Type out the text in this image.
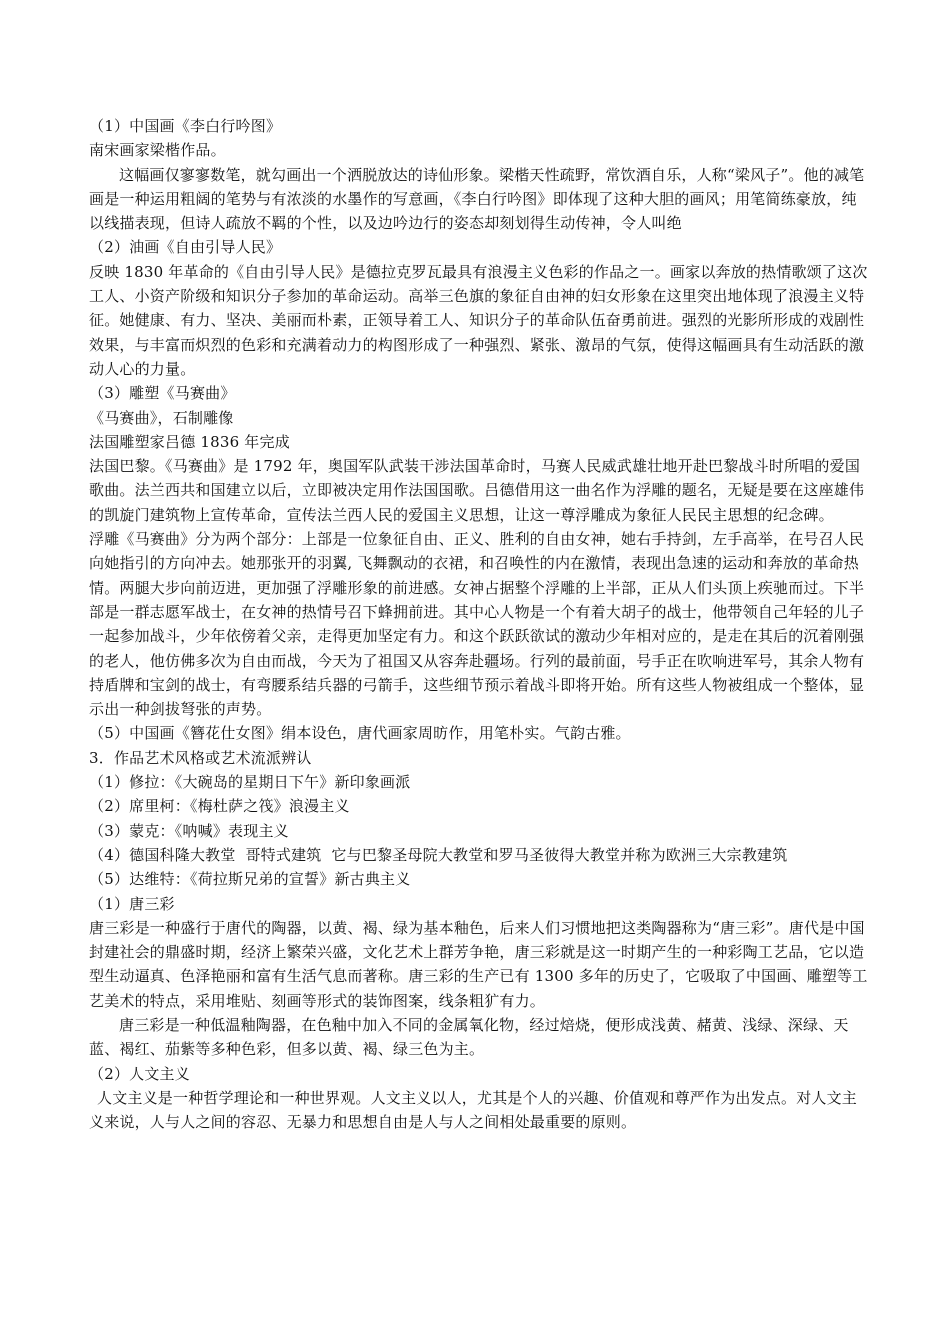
（1）中国画《李白行吟图》

南宋画家梁楷作品。

这幅画仅寥寥数笔，就勾画出一个洒脱放达的诗仙形象。梁楷天性疏野，常饮酒自乐，人称“梁风子”。他的减笔画是一种运用粗阔的笔势与有浓淡的水墨作的写意画，《李白行吟图》即体现了这种大胆的画风；用笔简练豪放，纯以线描表现，但诗人疏放不羁的个性，以及边吟边行的姿态却刻划得生动传神，令人叫绝

（2）油画《自由引导人民》

反映 1830 年革命的《自由引导人民》是德拉克罗瓦最具有浪漫主义色彩的作品之一。画家以奔放的热情歌颂了这次工人、小资产阶级和知识分子参加的革命运动。高举三色旗的象征自由神的妇女形象在这里突出地体现了浪漫主义特征。她健康、有力、坚决、美丽而朴素，正领导着工人、知识分子的革命队伍奋勇前进。强烈的光影所形成的戏剧性效果，与丰富而炽烈的色彩和充满着动力的构图形成了一种强烈、紧张、激昂的气氛，使得这幅画具有生动活跃的激动人心的力量。

（3）雕塑《马赛曲》

《马赛曲》，石制雕像

法国雕塑家吕德 1836 年完成

法国巴黎。《马赛曲》是 1792 年，奥国军队武装干涉法国革命时，马赛人民威武雄壮地开赴巴黎战斗时所唱的爱国歌曲。法兰西共和国建立以后，立即被决定用作法国国歌。吕德借用这一曲名作为浮雕的题名，无疑是要在这座雄伟的凯旋门建筑物上宣传革命，宣传法兰西人民的爱国主义思想，让这一尊浮雕成为象征人民民主思想的纪念碑。

浮雕《马赛曲》分为两个部分：上部是一位象征自由、正义、胜利的自由女神，她右手持剑，左手高举，在号召人民向她指引的方向冲去。她那张开的羽翼, 飞舞飘动的衣裙，和召唤性的内在激情，表现出急速的运动和奔放的革命热情。两腿大步向前迈进，更加强了浮雕形象的前进感。女神占据整个浮雕的上半部，正从人们头顶上疾驰而过。下半部是一群志愿军战士，在女神的热情号召下蜂拥前进。其中心人物是一个有着大胡子的战士，他带领自己年轻的儿子一起参加战斗，少年依傍着父亲，走得更加坚定有力。和这个跃跃欲试的激动少年相对应的，是走在其后的沉着刚强的老人，他仿佛多次为自由而战，今天为了祖国又从容奔赴疆场。行列的最前面，号手正在吹响进军号，其余人物有持盾牌和宝剑的战士，有弯腰系结兵器的弓箭手，这些细节预示着战斗即将开始。所有这些人物被组成一个整体，显示出一种剑拔弩张的声势。

（5）中国画《簪花仕女图》绢本设色，唐代画家周昉作，用笔朴实。气韵古雅。

3．作品艺术风格或艺术流派辨认

（1）修拉：《大碗岛的星期日下午》新印象画派

（2）席里柯：《梅杜萨之筏》浪漫主义

（3）蒙克：《呐喊》表现主义

（4）德国科隆大教堂  哥特式建筑  它与巴黎圣母院大教堂和罗马圣彼得大教堂并称为欧洲三大宗教建筑

（5）达维特：《荷拉斯兄弟的宣誓》新古典主义

（1）唐三彩

唐三彩是一种盛行于唐代的陶器，以黄、褐、绿为基本釉色，后来人们习惯地把这类陶器称为“唐三彩”。唐代是中国封建社会的鼎盛时期，经济上繁荣兴盛，文化艺术上群芳争艳，唐三彩就是这一时期产生的一种彩陶工艺品，它以造型生动逼真、色泽艳丽和富有生活气息而著称。唐三彩的生产已有 1300 多年的历史了，它吸取了中国画、雕塑等工艺美术的特点，采用堆贴、刻画等形式的装饰图案，线条粗犷有力。

唐三彩是一种低温釉陶器，在色釉中加入不同的金属氧化物，经过焙烧，便形成浅黄、赭黄、浅绿、深绿、天蓝、褐红、茄紫等多种色彩，但多以黄、褐、绿三色为主。

（2）人文主义

人文主义是一种哲学理论和一种世界观。人文主义以人，尤其是个人的兴趣、价值观和尊严作为出发点。对人文主义来说，人与人之间的容忍、无暴力和思想自由是人与人之间相处最重要的原则。
